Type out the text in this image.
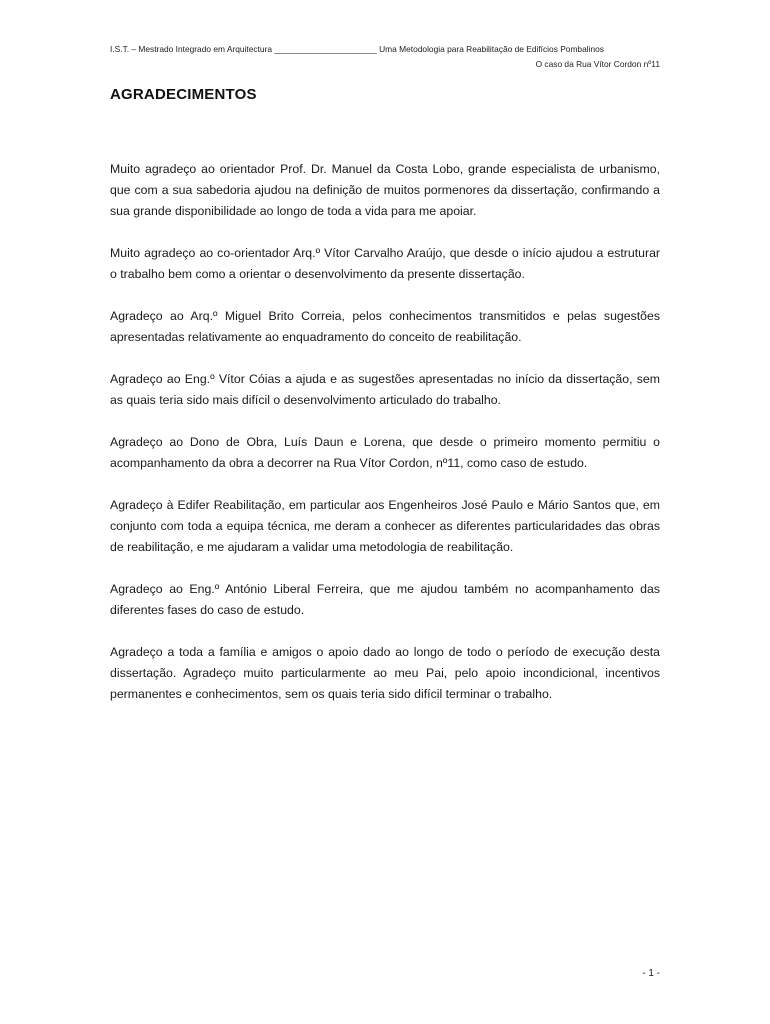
I.S.T. – Mestrado Integrado em Arquitectura ______________________ Uma Metodologia para Reabilitação de Edifícios Pombalinos
O caso da Rua Vítor Cordon nº11
AGRADECIMENTOS

Muito agradeço ao orientador Prof. Dr. Manuel da Costa Lobo, grande especialista de urbanismo, que com a sua sabedoria ajudou na definição de muitos pormenores da dissertação, confirmando a sua grande disponibilidade ao longo de toda a vida para me apoiar.

Muito agradeço ao co-orientador Arq.º Vítor Carvalho Araújo, que desde o início ajudou a estruturar o trabalho bem como a orientar o desenvolvimento da presente dissertação.

Agradeço ao Arq.º Miguel Brito Correia, pelos conhecimentos transmitidos e pelas sugestões apresentadas relativamente ao enquadramento do conceito de reabilitação.

Agradeço ao Eng.º Vítor Cóias a ajuda e as sugestões apresentadas no início da dissertação, sem as quais teria sido mais difícil o desenvolvimento articulado do trabalho.

Agradeço ao Dono de Obra, Luís Daun e Lorena, que desde o primeiro momento permitiu o acompanhamento da obra a decorrer na Rua Vítor Cordon, nº11, como caso de estudo.

Agradeço à Edifer Reabilitação, em particular aos Engenheiros José Paulo e Mário Santos que, em conjunto com toda a equipa técnica, me deram a conhecer as diferentes particularidades das obras de reabilitação, e me ajudaram a validar uma metodologia de reabilitação.

Agradeço ao Eng.º António Liberal Ferreira, que me ajudou também no acompanhamento das diferentes fases do caso de estudo.

Agradeço a toda a família e amigos o apoio dado ao longo de todo o período de execução desta dissertação. Agradeço muito particularmente ao meu Pai, pelo apoio incondicional, incentivos permanentes e conhecimentos, sem os quais teria sido difícil terminar o trabalho.

- 1 -
